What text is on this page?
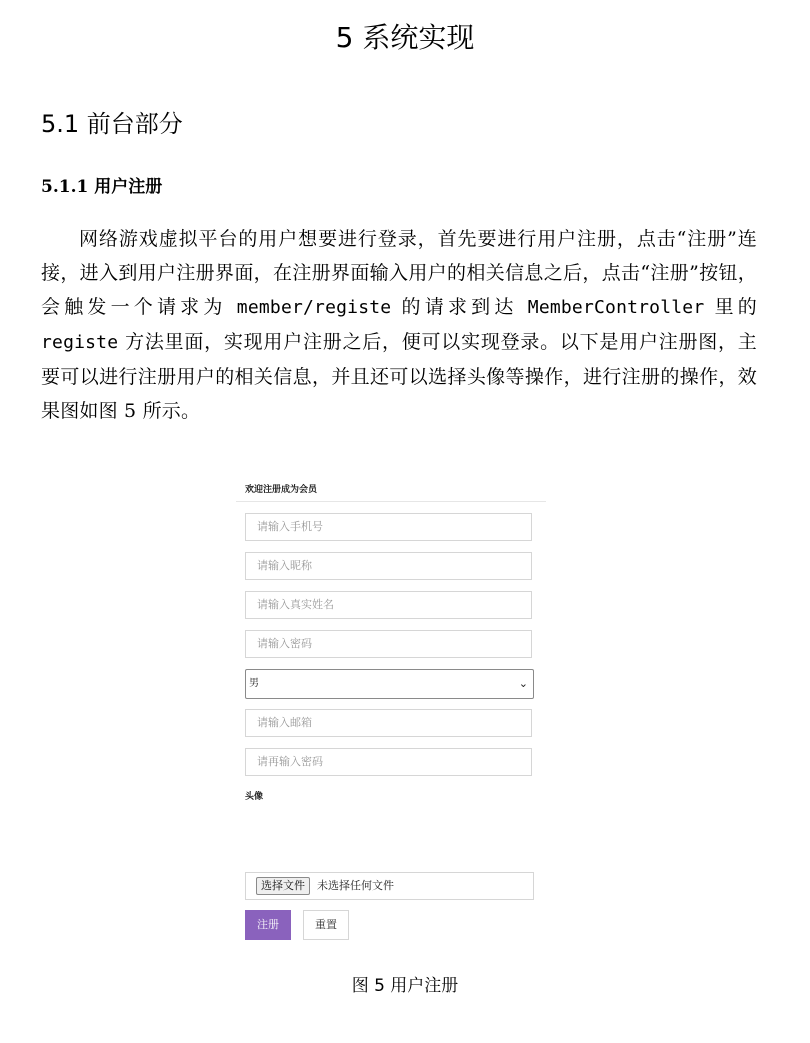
5 系统实现
5.1 前台部分
5.1.1 用户注册

网络游戏虚拟平台的用户想要进行登录，首先要进行用户注册，点击“注册”连接，进入到用户注册界面，在注册界面输入用户的相关信息之后，点击“注册”按钮，会触发一个请求为 member/registe 的请求到达 MemberController 里的 registe 方法里面，实现用户注册之后，便可以实现登录。以下是用户注册图，主要可以进行注册用户的相关信息，并且还可以选择头像等操作，进行注册的操作，效果图如图 5 所示。

欢迎注册成为会员
请输入手机号
请输入昵称
请输入真实姓名
请输入密码
男	⌄
请输入邮箱
请再输入密码
头像
选择文件	未选择任何文件
注册	重置

图 5 用户注册
